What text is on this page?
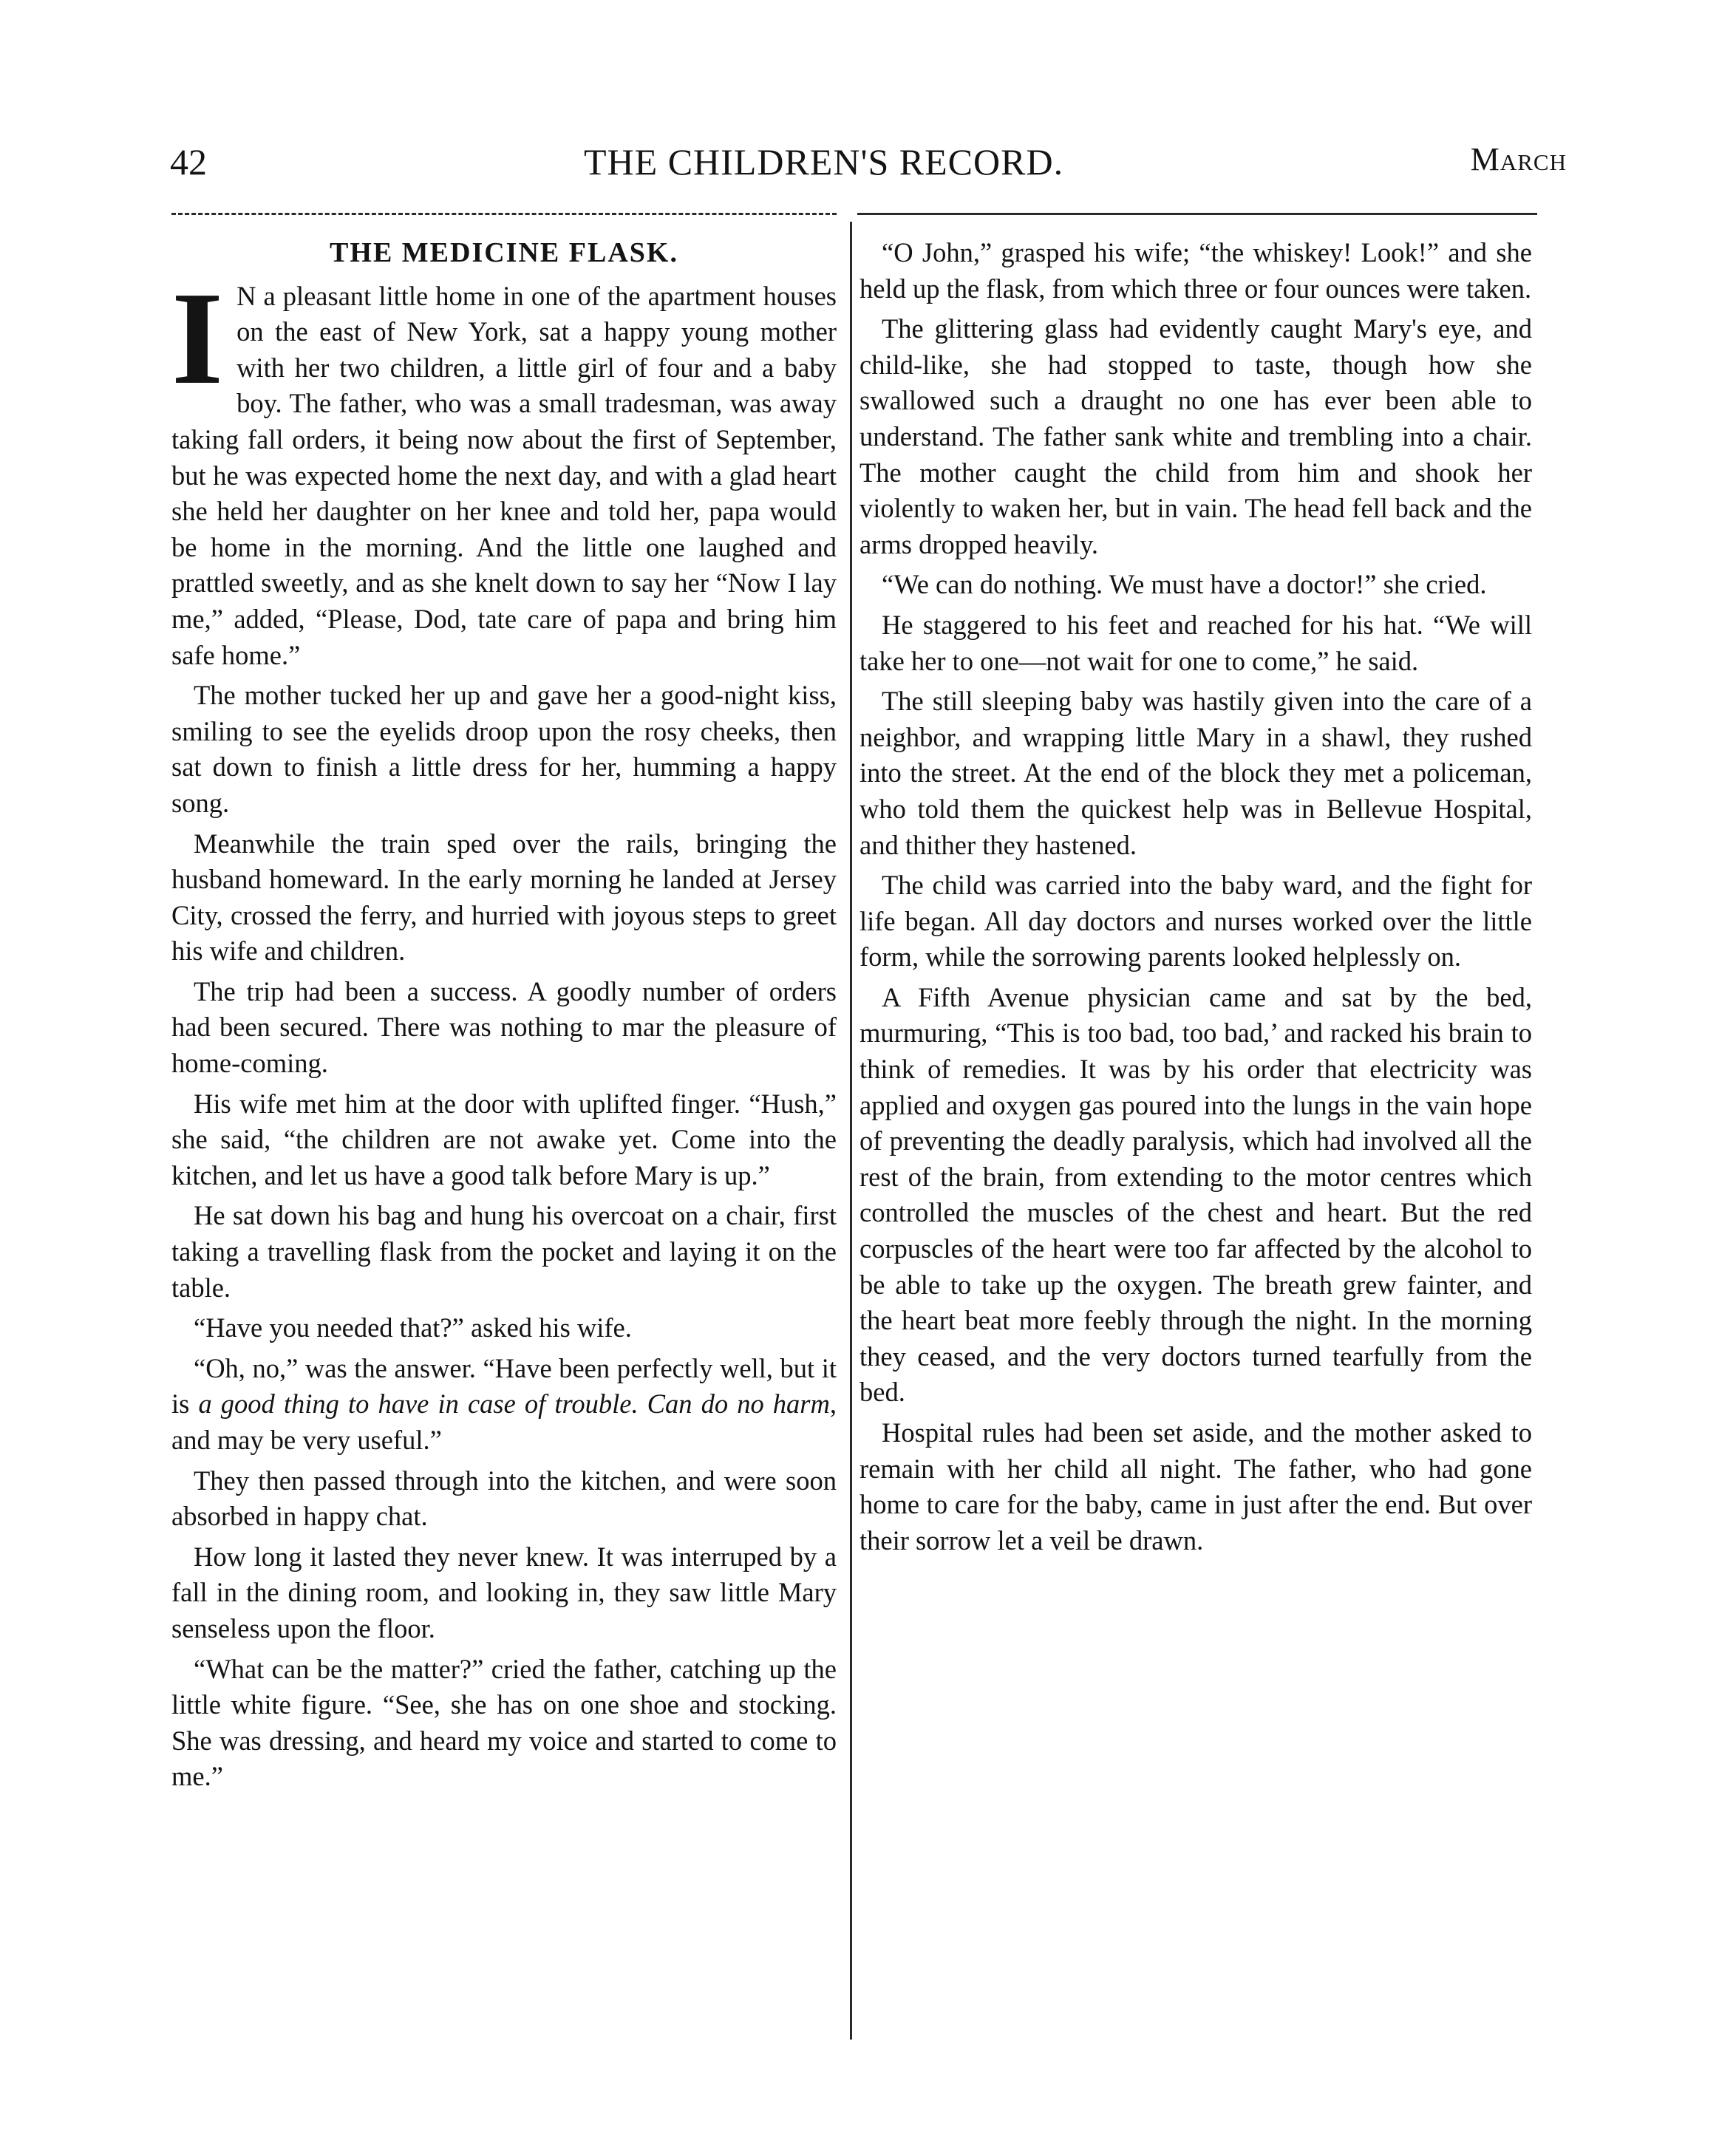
42	THE CHILDREN'S RECORD.	March
THE MEDICINE FLASK.

I N a pleasant little home in one of the apartment houses on the east of New York, sat a happy young mother with her two children, a little girl of four and a baby boy. The father, who was a small tradesman, was away taking fall orders, it being now about the first of September, but he was expected home the next day, and with a glad heart she held her daughter on her knee and told her, papa would be home in the morning. And the little one laughed and prattled sweetly, and as she knelt down to say her “Now I lay me,” added, “Please, Dod, tate care of papa and bring him safe home.”

The mother tucked her up and gave her a good-night kiss, smiling to see the eyelids droop upon the rosy cheeks, then sat down to finish a little dress for her, humming a happy song.

Meanwhile the train sped over the rails, bringing the husband homeward. In the early morning he landed at Jersey City, crossed the ferry, and hurried with joyous steps to greet his wife and children.

The trip had been a success. A goodly number of orders had been secured. There was nothing to mar the pleasure of home-coming.

His wife met him at the door with uplifted finger. “Hush,” she said, “the children are not awake yet. Come into the kitchen, and let us have a good talk before Mary is up.”

He sat down his bag and hung his overcoat on a chair, first taking a travelling flask from the pocket and laying it on the table.

“Have you needed that?” asked his wife.

“Oh, no,” was the answer. “Have been perfectly well, but it is a good thing to have in case of trouble. Can do no harm, and may be very useful.”

They then passed through into the kitchen, and were soon absorbed in happy chat.

How long it lasted they never knew. It was interruped by a fall in the dining room, and looking in, they saw little Mary senseless upon the floor.

“What can be the matter?” cried the father, catching up the little white figure. “See, she has on one shoe and stocking. She was dressing, and heard my voice and started to come to me.”

“O John,” grasped his wife; “the whiskey! Look!” and she held up the flask, from which three or four ounces were taken.

The glittering glass had evidently caught Mary's eye, and child-like, she had stopped to taste, though how she swallowed such a draught no one has ever been able to understand. The father sank white and trembling into a chair. The mother caught the child from him and shook her violently to waken her, but in vain. The head fell back and the arms dropped heavily.

“We can do nothing. We must have a doctor!” she cried.

He staggered to his feet and reached for his hat. “We will take her to one—not wait for one to come,” he said.

The still sleeping baby was hastily given into the care of a neighbor, and wrapping little Mary in a shawl, they rushed into the street. At the end of the block they met a policeman, who told them the quickest help was in Bellevue Hospital, and thither they hastened.

The child was carried into the baby ward, and the fight for life began. All day doctors and nurses worked over the little form, while the sorrowing parents looked helplessly on.

A Fifth Avenue physician came and sat by the bed, murmuring, “This is too bad, too bad,’ and racked his brain to think of remedies. It was by his order that electricity was applied and oxygen gas poured into the lungs in the vain hope of preventing the deadly paralysis, which had involved all the rest of the brain, from extending to the motor centres which controlled the muscles of the chest and heart. But the red corpuscles of the heart were too far affected by the alcohol to be able to take up the oxygen. The breath grew fainter, and the heart beat more feebly through the night. In the morning they ceased, and the very doctors turned tearfully from the bed.

Hospital rules had been set aside, and the mother asked to remain with her child all night. The father, who had gone home to care for the baby, came in just after the end. But over their sorrow let a veil be drawn.
